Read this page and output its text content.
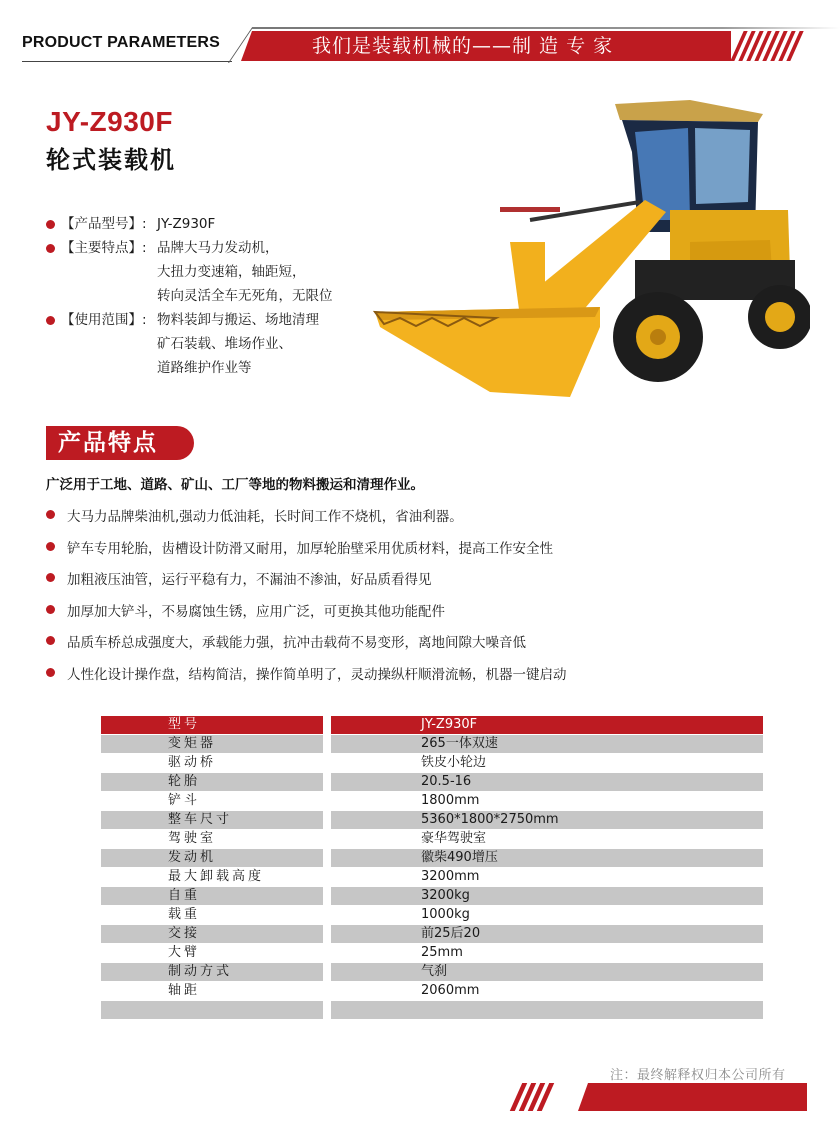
PRODUCT PARAMETERS	我们是装载机械的——制 造 专 家
JY-Z930F
轮式装载机
【产品型号】: JY-Z930F
【主要特点】: 品牌大马力发动机，
大扭力变速箱，轴距短，
转向灵活全车无死角，无限位
【使用范围】: 物料装卸与搬运、场地清理
矿石装载、堆场作业、
道路维护作业等
产品特点
广泛用于工地、道路、矿山、工厂等地的物料搬运和清理作业。
大马力品牌柴油机,强动力低油耗，长时间工作不烧机，省油利器。
铲车专用轮胎，齿槽设计防滑又耐用，加厚轮胎壁采用优质材料，提高工作安全性
加粗液压油管，运行平稳有力，不漏油不渗油，好品质看得见
加厚加大铲斗，不易腐蚀生锈，应用广泛，可更换其他功能配件
品质车桥总成强度大，承载能力强，抗冲击载荷不易变形，离地间隙大噪音低
人性化设计操作盘，结构简洁，操作简单明了，灵动操纵杆顺滑流畅，机器一键启动
型号	JY-Z930F
变矩器	265一体双速
驱动桥	铁皮小轮边
轮胎	20.5-16
铲斗	1800mm
整车尺寸	5360*1800*2750mm
驾驶室	豪华驾驶室
发动机	徽柴490增压
最大卸载高度	3200mm
自重	3200kg
载重	1000kg
交接	前25后20
大臂	25mm
制动方式	气刹
轴距	2060mm
注：最终解释权归本公司所有
